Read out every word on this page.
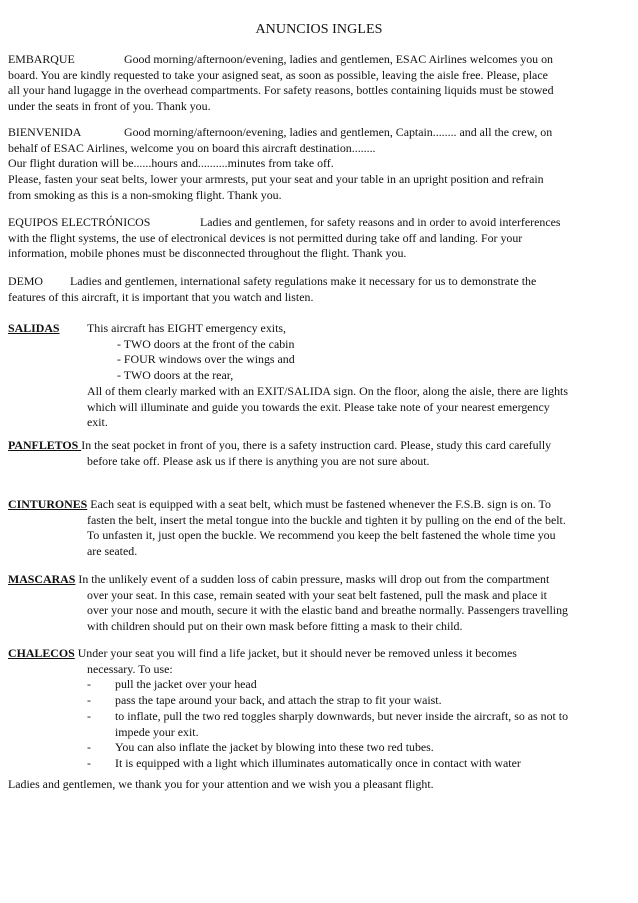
ANUNCIOS INGLES
EMBARQUE	Good morning/afternoon/evening, ladies and gentlemen, ESAC Airlines welcomes you on
board. You are kindly requested to take your asigned seat, as soon as possible, leaving the aisle free. Please, place
all your hand lugagge in the overhead compartments. For safety reasons, bottles containing liquids must be stowed
under the seats in front of you. Thank you.
BIENVENIDA	Good morning/afternoon/evening, ladies and gentlemen, Captain........ and all the crew, on
behalf of ESAC Airlines, welcome you on board this aircraft destination........
Our flight duration will be......hours and..........minutes from take off.
Please, fasten your seat belts, lower your armrests, put your seat and your table in an upright position and refrain
from smoking as this is a non-smoking flight. Thank you.
EQUIPOS ELECTRÓNICOS	Ladies and gentlemen, for safety reasons and in order to avoid interferences
with the flight systems, the use of electronical devices is not permitted during take off and landing. For your
information, mobile phones must be disconnected throughout the flight. Thank you.
DEMO Ladies and gentlemen, international safety regulations make it necessary for us to demonstrate the
features of this aircraft, it is important that you watch and listen.
SALIDAS This aircraft has EIGHT emergency exits,
- TWO doors at the front of the cabin
- FOUR windows over the wings and
- TWO doors at the rear,
All of them clearly marked with an EXIT/SALIDA sign. On the floor, along the aisle, there are lights
which will illuminate and guide you towards the exit. Please take note of your nearest emergency
exit.
PANFLETOS In the seat pocket in front of you, there is a safety instruction card. Please, study this card carefully
before take off. Please ask us if there is anything you are not sure about.
CINTURONES Each seat is equipped with a seat belt, which must be fastened whenever the F.S.B. sign is on. To
fasten the belt, insert the metal tongue into the buckle and tighten it by pulling on the end of the belt.
To unfasten it, just open the buckle. We recommend you keep the belt fastened the whole time you
are seated.
MASCARAS In the unlikely event of a sudden loss of cabin pressure, masks will drop out from the compartment
over your seat. In this case, remain seated with your seat belt fastened, pull the mask and place it
over your nose and mouth, secure it with the elastic band and breathe normally. Passengers travelling
with children should put on their own mask before fitting a mask to their child.
CHALECOS Under your seat you will find a life jacket, but it should never be removed unless it becomes
necessary. To use:
- pull the jacket over your head
- pass the tape around your back, and attach the strap to fit your waist.
- to inflate, pull the two red toggles sharply downwards, but never inside the aircraft, so as not to
impede your exit.
- You can also inflate the jacket by blowing into these two red tubes.
- It is equipped with a light which illuminates automatically once in contact with water
Ladies and gentlemen, we thank you for your attention and we wish you a pleasant flight.
